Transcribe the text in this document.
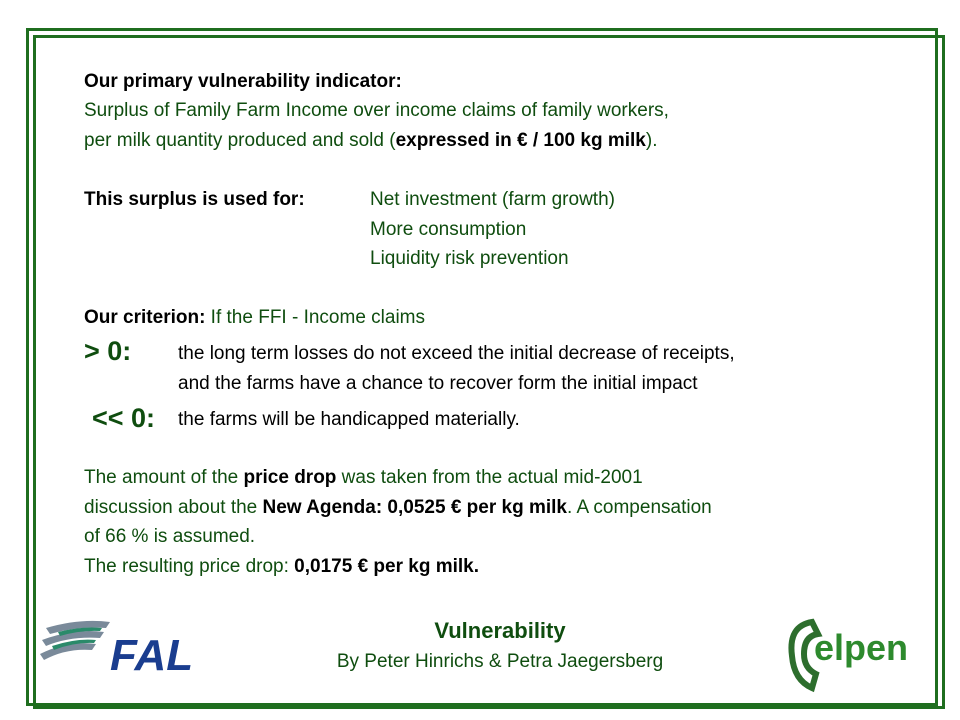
Our primary vulnerability indicator:
Surplus of Family Farm Income over income claims of family workers,
per milk quantity produced and sold (expressed in € / 100 kg milk).
This surplus is used for:	Net investment (farm growth)
More consumption
Liquidity risk prevention
Our criterion: If the FFI - Income claims
> 0: the long term losses do not exceed the initial decrease of receipts,
and the farms have a chance to recover form the initial impact
<< 0: the farms will be handicapped materially.
The amount of the price drop was taken from the actual mid-2001
discussion about the New Agenda: 0,0525 € per kg milk. A compensation
of 66 % is assumed.
The resulting price drop: 0,0175 € per kg milk.
Vulnerability
By Peter Hinrichs & Petra Jaegersberg
FAL	elpen
